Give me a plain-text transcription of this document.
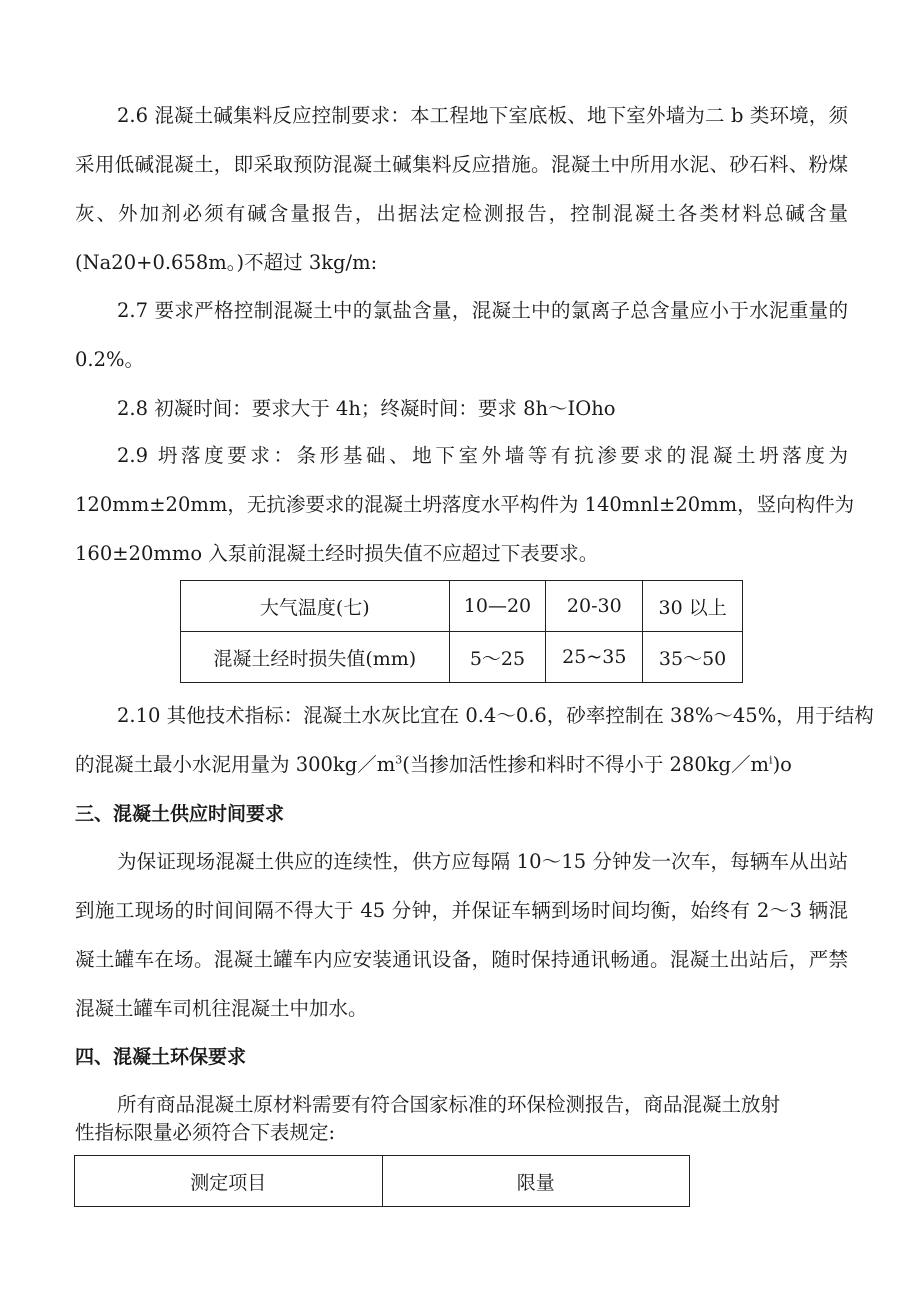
2.6 混凝土碱集料反应控制要求：本工程地下室底板、地下室外墙为二 b 类环境，须
采用低碱混凝土，即采取预防混凝土碱集料反应措施。混凝土中所用水泥、砂石料、粉煤
灰、外加剂必须有碱含量报告，出据法定检测报告，控制混凝土各类材料总碱含量
(Na20+0.658m。)不超过 3kg/m:
2.7 要求严格控制混凝土中的氯盐含量，混凝土中的氯离子总含量应小于水泥重量的
0.2%。
2.8 初凝时间：要求大于 4h；终凝时间：要求 8h～IOho
2.9 坍落度要求：条形基础、地下室外墙等有抗渗要求的混凝土坍落度为
120mm±20mm，无抗渗要求的混凝土坍落度水平构件为 140mnl±20mm，竖向构件为
160±20mmo 入泵前混凝土经时损失值不应超过下表要求。
大气温度(七)	10—20	20-30	30 以上
混凝土经时损失值(mm)	5～25	25~35	35～50
2.10 其他技术指标：混凝土水灰比宜在 0.4～0.6，砂率控制在 38%～45%，用于结构
的混凝土最小水泥用量为 $300kg/m^3$(当掺加活性掺和料时不得小于 $280kg/m^i)o$
三、混凝土供应时间要求
为保证现场混凝土供应的连续性，供方应每隔 10～15 分钟发一次车，每辆车从出站
到施工现场的时间间隔不得大于 45 分钟，并保证车辆到场时间均衡，始终有 2～3 辆混
凝土罐车在场。混凝土罐车内应安装通讯设备，随时保持通讯畅通。混凝土出站后，严禁
混凝土罐车司机往混凝土中加水。
四、混凝土环保要求
所有商品混凝土原材料需要有符合国家标准的环保检测报告，商品混凝土放射
性指标限量必须符合下表规定:
测定项目	限量
